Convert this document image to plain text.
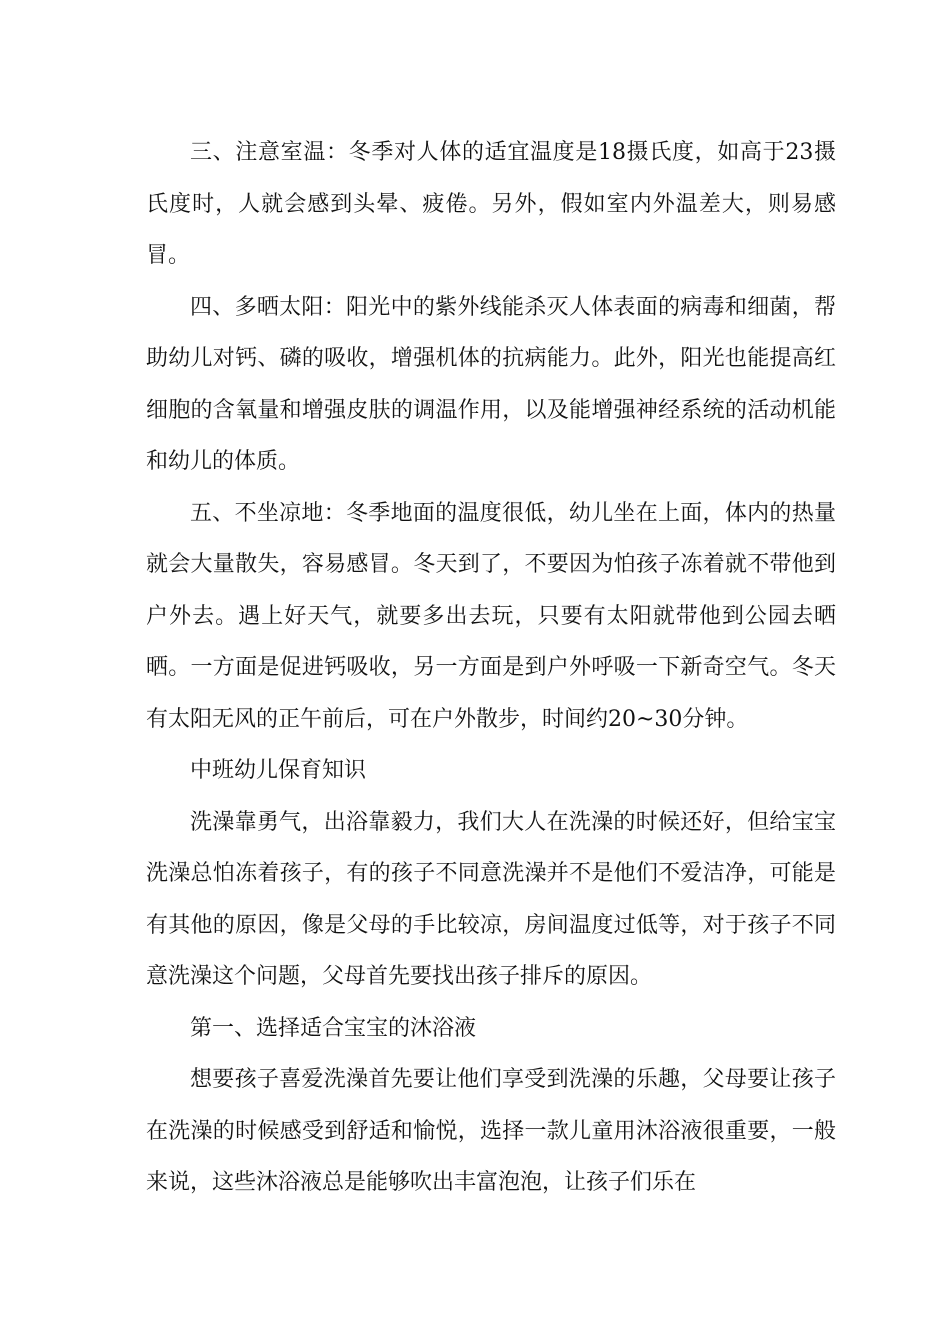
三、注意室温：冬季对人体的适宜温度是18摄氏度，如高于23摄氏度时，人就会感到头晕、疲倦。另外，假如室内外温差大，则易感冒。

四、多晒太阳：阳光中的紫外线能杀灭人体表面的病毒和细菌，帮助幼儿对钙、磷的吸收，增强机体的抗病能力。此外，阳光也能提高红细胞的含氧量和增强皮肤的调温作用，以及能增强神经系统的活动机能和幼儿的体质。

五、不坐凉地：冬季地面的温度很低，幼儿坐在上面，体内的热量就会大量散失，容易感冒。冬天到了，不要因为怕孩子冻着就不带他到户外去。遇上好天气，就要多出去玩，只要有太阳就带他到公园去晒晒。一方面是促进钙吸收，另一方面是到户外呼吸一下新奇空气。冬天有太阳无风的正午前后，可在户外散步，时间约20~30分钟。

中班幼儿保育知识

洗澡靠勇气，出浴靠毅力，我们大人在洗澡的时候还好，但给宝宝洗澡总怕冻着孩子，有的孩子不同意洗澡并不是他们不爱洁净，可能是有其他的原因，像是父母的手比较凉，房间温度过低等，对于孩子不同意洗澡这个问题，父母首先要找出孩子排斥的原因。

第一、选择适合宝宝的沐浴液

想要孩子喜爱洗澡首先要让他们享受到洗澡的乐趣，父母要让孩子在洗澡的时候感受到舒适和愉悦，选择一款儿童用沐浴液很重要，一般来说，这些沐浴液总是能够吹出丰富泡泡，让孩子们乐在
